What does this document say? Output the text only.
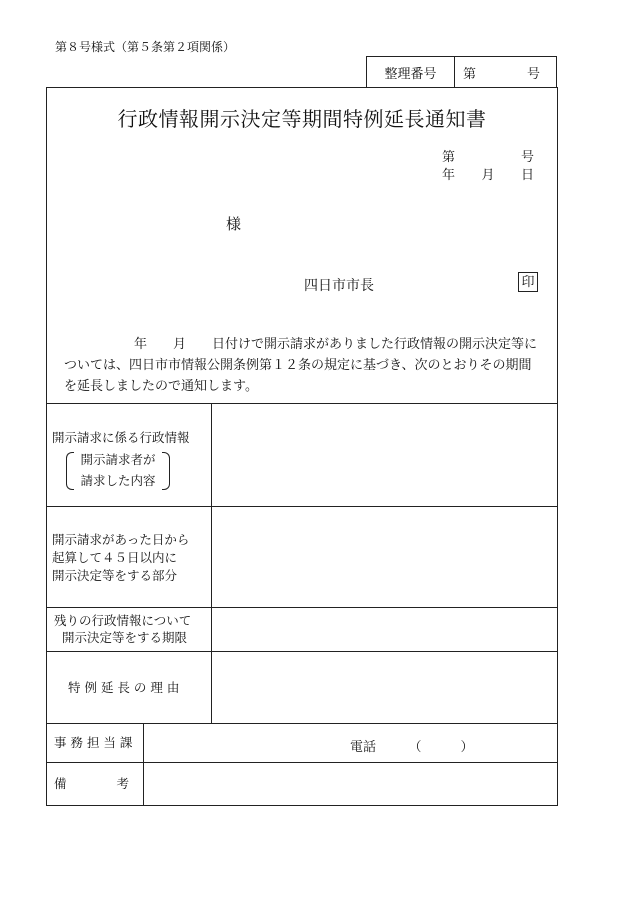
第８号様式（第５条第２項関係）
整理番号	第	号
行政情報開示決定等期間特例延長通知書
第	号
年 月 日
様
四日市市長	印
年　　月　　日付けで開示請求がありました行政情報の開示決定等に
ついては、四日市市情報公開条例第１２条の規定に基づき、次のとおりその期間
を延長しましたので通知します。
開示請求に係る行政情報
開示請求者が
請求した内容
開示請求があった日から
起算して４５日以内に
開示決定等をする部分
残りの行政情報について
開示決定等をする期限
特 例 延 長 の 理 由
事 務 担 当 課	電話　　　（　　　）
備　　　　考
